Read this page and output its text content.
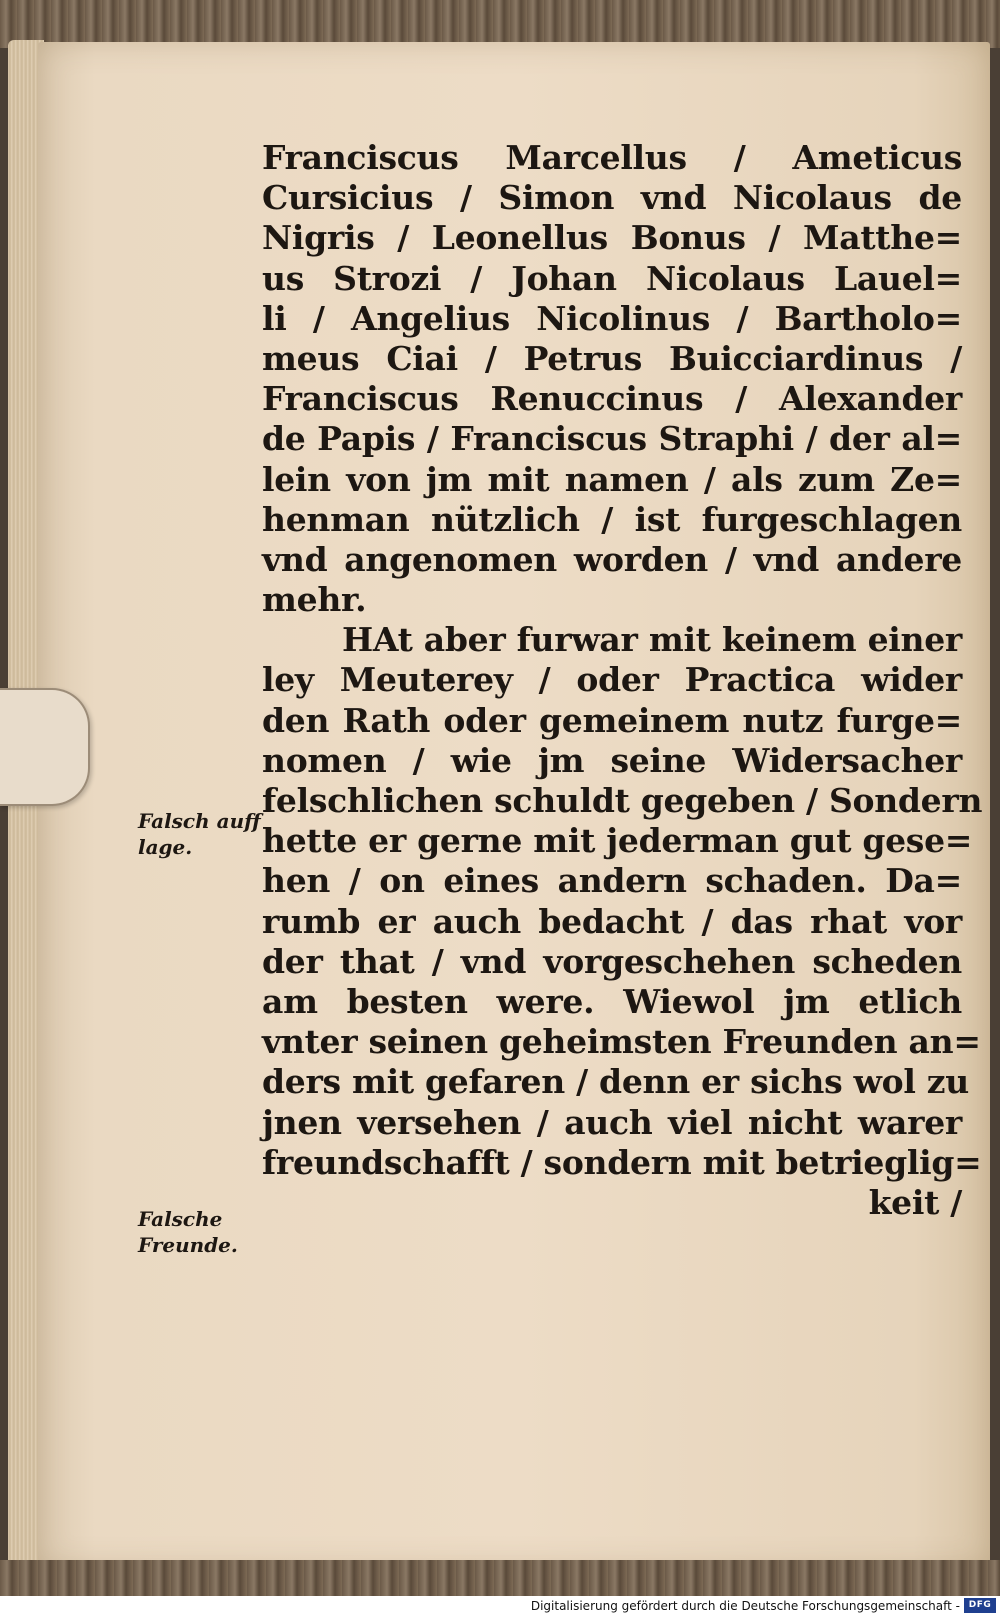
Franciscus Marcellus / Ameticus
Cursicius / Simon vnd Nicolaus de
Nigris / Leonellus Bonus / Matthe=
us Strozi / Johan Nicolaus Lauel=
li / Angelius Nicolinus / Bartholo=
meus Ciai / Petrus Buicciardinus /
Franciscus Renuccinus / Alexander
de Papis / Franciscus Straphi / der al=
lein von jm mit namen / als zum Ze=
henman nützlich / ist furgeschlagen
vnd angenomen worden / vnd andere
mehr.
HAt aber furwar mit keinem einer
ley Meuterey / oder Practica wider
den Rath oder gemeinem nutz furge=
nomen / wie jm seine Widersacher
felschlichen schuldt gegeben / Sondern
hette er gerne mit jederman gut gese=
hen / on eines andern schaden. Da=
rumb er auch bedacht / das rhat vor
der that / vnd vorgeschehen scheden
am besten were. Wiewol jm etlich
vnter seinen geheimsten Freunden an=
ders mit gefaren / denn er sichs wol zu
jnen versehen / auch viel nicht warer
freundschafft / sondern mit betrieglig=
keit /
Falsch auff
lage.
Falsche
Freunde.
Digitalisierung gefördert durch die Deutsche Forschungsgemeinschaft - DFG
